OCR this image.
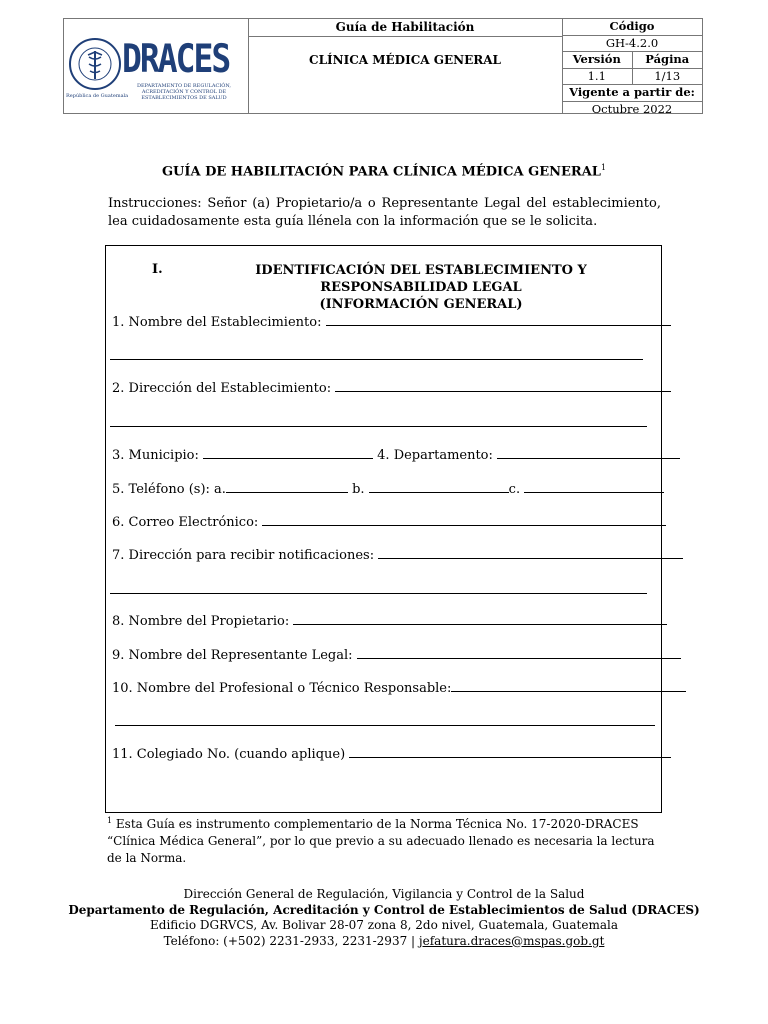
República de Guatemala
DRACES
DEPARTAMENTO DE REGULACIÓN, ACREDITACIÓN Y CONTROL DE ESTABLECIMIENTOS DE SALUD
Guía de Habilitación
CLÍNICA MÉDICA GENERAL
Código
GH-4.2.0
Versión	Página
1.1	1/13
Vigente a partir de:
Octubre 2022
GUÍA DE HABILITACIÓN PARA CLÍNICA MÉDICA GENERAL$^1$
Instrucciones: Señor (a) Propietario/a o Representante Legal del establecimiento, lea cuidadosamente esta guía llénela con la información que se le solicita.
I.	IDENTIFICACIÓN DEL ESTABLECIMIENTO Y RESPONSABILIDAD LEGAL
(INFORMACIÓN GENERAL)
1. Nombre del Establecimiento:
2. Dirección del Establecimiento:
3. Municipio:	4. Departamento:
5. Teléfono (s): a.	b.	c.
6. Correo Electrónico:
7. Dirección para recibir notificaciones:
8. Nombre del Propietario:
9. Nombre del Representante Legal:
10. Nombre del Profesional o Técnico Responsable:
11. Colegiado No. (cuando aplique)
$^1$ Esta Guía es instrumento complementario de la Norma Técnica No. 17-2020-DRACES “Clínica Médica General”, por lo que previo a su adecuado llenado es necesaria la lectura de la Norma.
Dirección General de Regulación, Vigilancia y Control de la Salud
Departamento de Regulación, Acreditación y Control de Establecimientos de Salud (DRACES)
Edificio DGRVCS, Av. Bolivar 28-07 zona 8, 2do nivel, Guatemala, Guatemala
Teléfono: (+502) 2231-2933, 2231-2937 | jefatura.draces@mspas.gob.gt
